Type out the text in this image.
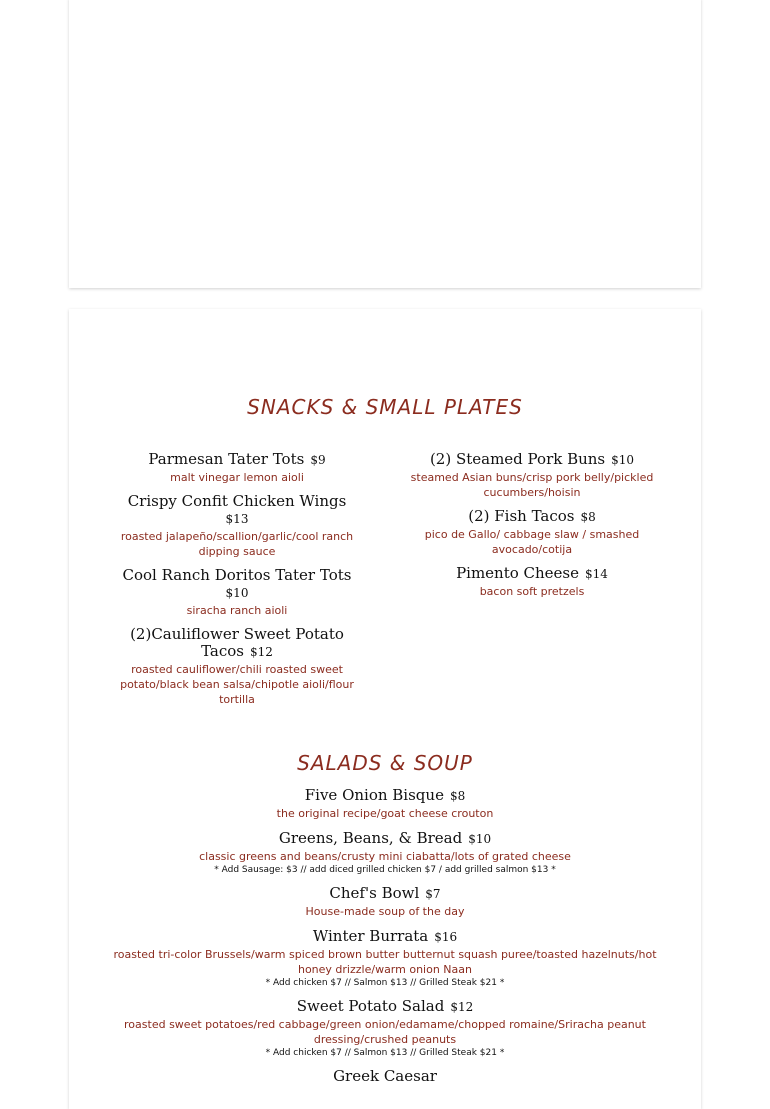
SNACKS & SMALL PLATES
Parmesan Tater Tots $9
malt vinegar lemon aioli
Crispy Confit Chicken Wings
$13
roasted jalapeño/scallion/garlic/cool ranch dipping sauce
Cool Ranch Doritos Tater Tots
$10
siracha ranch aioli
(2)Cauliflower Sweet Potato Tacos $12
roasted cauliflower/chili roasted sweet potato/black bean salsa/chipotle aioli/flour tortilla
(2) Steamed Pork Buns $10
steamed Asian buns/crisp pork belly/pickled cucumbers/hoisin
(2) Fish Tacos $8
pico de Gallo/ cabbage slaw / smashed avocado/cotija
Pimento Cheese $14
bacon soft pretzels
SALADS & SOUP
Five Onion Bisque $8
the original recipe/goat cheese crouton
Greens, Beans, & Bread $10
classic greens and beans/crusty mini ciabatta/lots of grated cheese
* Add Sausage: $3 // add diced grilled chicken $7 / add grilled salmon $13 *
Chef's Bowl $7
House-made soup of the day
Winter Burrata $16
roasted tri-color Brussels/warm spiced brown butter butternut squash puree/toasted hazelnuts/hot honey drizzle/warm onion Naan
* Add chicken $7 // Salmon $13 // Grilled Steak $21 *
Sweet Potato Salad $12
roasted sweet potatoes/red cabbage/green onion/edamame/chopped romaine/Sriracha peanut dressing/crushed peanuts
* Add chicken $7 // Salmon $13 // Grilled Steak $21 *
Greek Caesar
